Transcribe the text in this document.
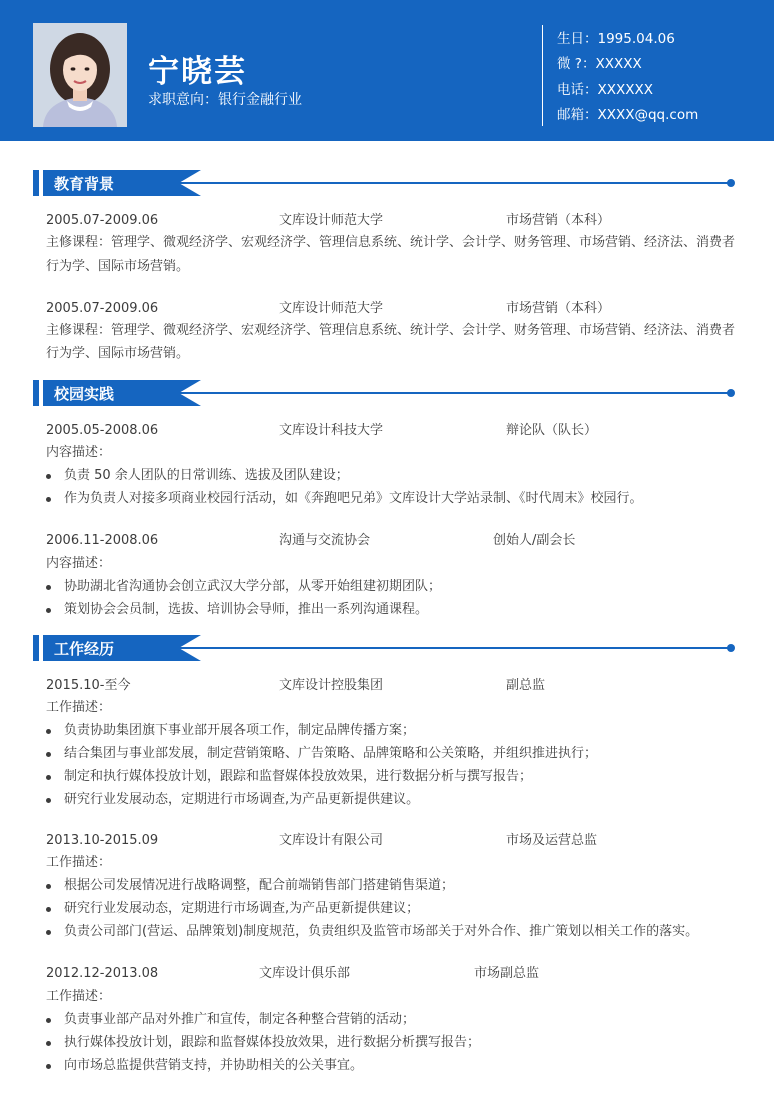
宁晓芸
求职意向：银行金融行业
生日：1995.04.06
微 ?：XXXXX
电话：XXXXXX
邮箱：XXXX@qq.com
教育背景
2005.07-2009.06	文库设计师范大学	市场营销（本科）
主修课程：管理学、微观经济学、宏观经济学、管理信息系统、统计学、会计学、财务管理、市场营销、经济法、消费者
行为学、国际市场营销。
2005.07-2009.06	文库设计师范大学	市场营销（本科）
主修课程：管理学、微观经济学、宏观经济学、管理信息系统、统计学、会计学、财务管理、市场营销、经济法、消费者
行为学、国际市场营销。
校园实践
2005.05-2008.06	文库设计科技大学	辩论队（队长）
内容描述：
负责 50 余人团队的日常训练、选拔及团队建设；
作为负责人对接多项商业校园行活动，如《奔跑吧兄弟》文库设计大学站录制、《时代周末》校园行。
2006.11-2008.06	沟通与交流协会	创始人/副会长
内容描述：
协助湖北省沟通协会创立武汉大学分部，从零开始组建初期团队；
策划协会会员制，选拔、培训协会导师，推出一系列沟通课程。
工作经历
2015.10-至今	文库设计控股集团	副总监
工作描述：
负责协助集团旗下事业部开展各项工作，制定品牌传播方案；
结合集团与事业部发展，制定营销策略、广告策略、品牌策略和公关策略，并组织推进执行；
制定和执行媒体投放计划，跟踪和监督媒体投放效果，进行数据分析与撰写报告；
研究行业发展动态，定期进行市场调查,为产品更新提供建议。
2013.10-2015.09	文库设计有限公司	市场及运营总监
工作描述：
根据公司发展情况进行战略调整，配合前端销售部门搭建销售渠道；
研究行业发展动态，定期进行市场调查,为产品更新提供建议；
负责公司部门(营运、品牌策划)制度规范，负责组织及监管市场部关于对外合作、推广策划以相关工作的落实。
2012.12-2013.08	文库设计俱乐部	市场副总监
工作描述：
负责事业部产品对外推广和宣传，制定各种整合营销的活动；
执行媒体投放计划，跟踪和监督媒体投放效果，进行数据分析撰写报告；
向市场总监提供营销支持，并协助相关的公关事宜。
